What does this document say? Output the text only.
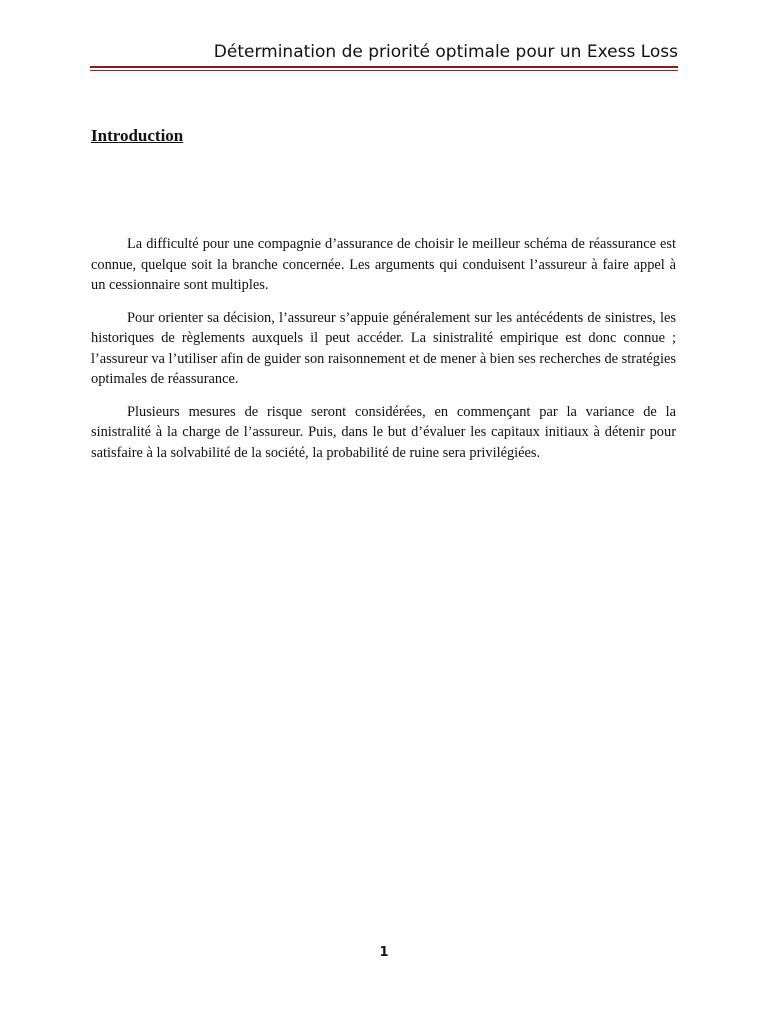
Détermination de priorité optimale pour un Exess Loss
Introduction

La difficulté pour une compagnie d’assurance de choisir le meilleur schéma de réassurance est connue, quelque soit la branche concernée. Les arguments qui conduisent l’assureur à faire appel à un cessionnaire sont multiples.

Pour orienter sa décision, l’assureur s’appuie généralement sur les antécédents de sinistres, les historiques de règlements auxquels il peut accéder. La sinistralité empirique est donc connue ; l’assureur va l’utiliser afin de guider son raisonnement et de mener à bien ses recherches de stratégies optimales de réassurance.

Plusieurs mesures de risque seront considérées, en commençant par la variance de la sinistralité à la charge de l’assureur. Puis, dans le but d’évaluer les capitaux initiaux à détenir pour satisfaire à la solvabilité de la société, la probabilité de ruine sera privilégiées.

1
